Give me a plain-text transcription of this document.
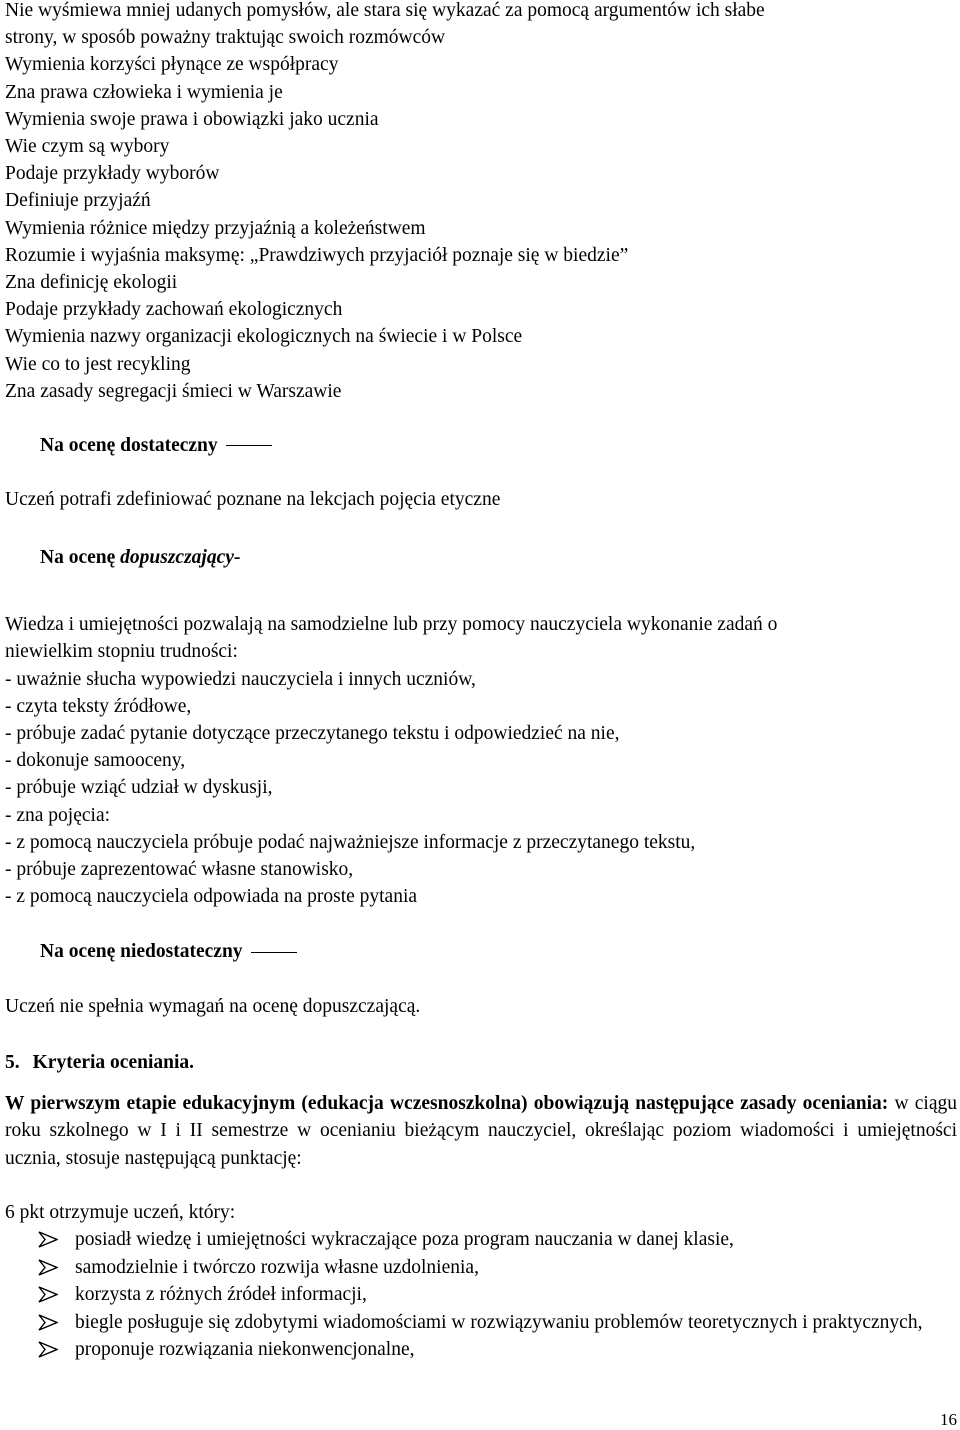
Nie wyśmiewa mniej udanych pomysłów, ale stara się wykazać za pomocą argumentów ich słabe
strony, w sposób poważny traktując swoich rozmówców
Wymienia korzyści płynące ze współpracy
Zna prawa człowieka i wymienia je
Wymienia swoje prawa i obowiązki jako ucznia
Wie czym są wybory
Podaje przykłady wyborów
Definiuje przyjaźń
Wymienia różnice między przyjaźnią a koleżeństwem
Rozumie i wyjaśnia maksymę: „Prawdziwych przyjaciół poznaje się w biedzie”
Zna definicję ekologii
Podaje przykłady zachowań ekologicznych
Wymienia nazwy organizacji ekologicznych na świecie i w Polsce
Wie co to jest recykling
Zna zasady segregacji śmieci w Warszawie
Na ocenę dostateczny
Uczeń potrafi zdefiniować poznane na lekcjach pojęcia etyczne
Na ocenę dopuszczający-
Wiedza i umiejętności pozwalają na samodzielne lub przy pomocy nauczyciela wykonanie zadań o
niewielkim stopniu trudności:
- uważnie słucha wypowiedzi nauczyciela i innych uczniów,
- czyta teksty źródłowe,
- próbuje zadać pytanie dotyczące przeczytanego tekstu i odpowiedzieć na nie,
- dokonuje samooceny,
- próbuje wziąć udział w dyskusji,
- zna pojęcia:
- z pomocą nauczyciela próbuje podać najważniejsze informacje z przeczytanego tekstu,
- próbuje zaprezentować własne stanowisko,
- z pomocą nauczyciela odpowiada na proste pytania
Na ocenę niedostateczny
Uczeń nie spełnia wymagań na ocenę dopuszczającą.
5. Kryteria oceniania.
W pierwszym etapie edukacyjnym (edukacja wczesnoszkolna) obowiązują następujące zasady oceniania: w ciągu roku szkolnego w I i II semestrze w ocenianiu bieżącym nauczyciel, określając poziom wiadomości i umiejętności ucznia, stosuje następującą punktację:
6 pkt otrzymuje uczeń, który:
posiadł wiedzę i umiejętności wykraczające poza program nauczania w danej klasie,
samodzielnie i twórczo rozwija własne uzdolnienia,
korzysta z różnych źródeł informacji,
biegle posługuje się zdobytymi wiadomościami w rozwiązywaniu problemów teoretycznych i praktycznych,
proponuje rozwiązania niekonwencjonalne,
16
